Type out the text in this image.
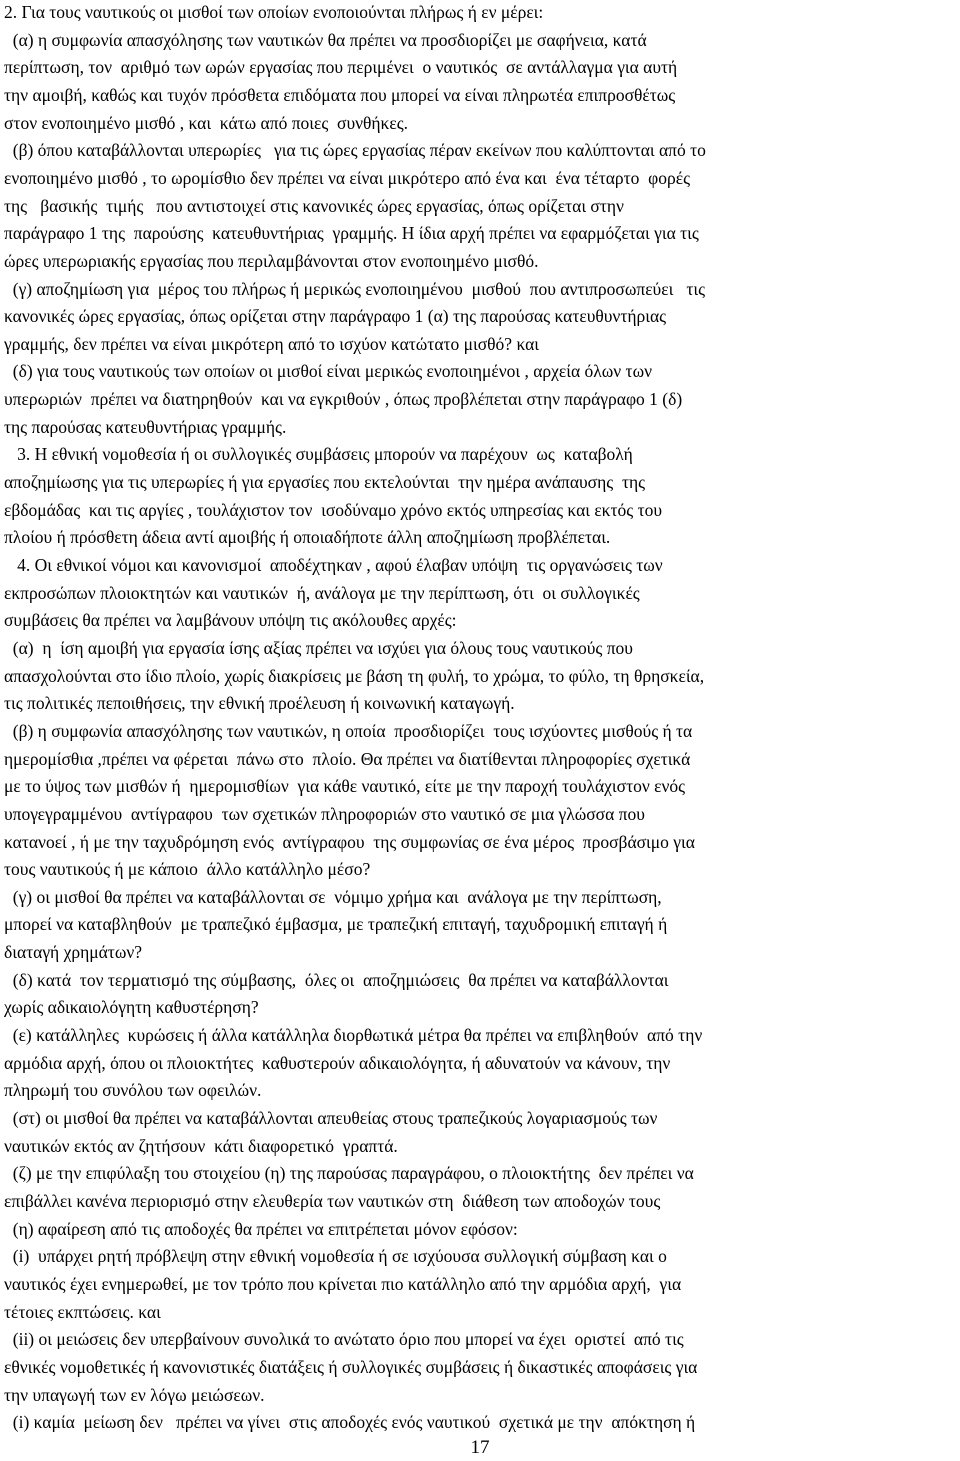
2. Για τους ναυτικούς οι μισθοί των οποίων ενοποιούνται πλήρως ή εν μέρει:
(α) η συμφωνία απασχόλησης των ναυτικών θα πρέπει να προσδιορίζει με σαφήνεια, κατά
περίπτωση, τον  αριθμό των ωρών εργασίας που περιμένει  ο ναυτικός  σε αντάλλαγμα για αυτή
την αμοιβή, καθώς και τυχόν πρόσθετα επιδόματα που μπορεί να είναι πληρωτέα επιπροσθέτως
στον ενοποιημένο μισθό , και  κάτω από ποιες  συνθήκες.
(β) όπου καταβάλλονται υπερωρίες   για τις ώρες εργασίας πέραν εκείνων που καλύπτονται από το
ενοποιημένο μισθό , το ωρομίσθιο δεν πρέπει να είναι μικρότερο από ένα και  ένα τέταρτο  φορές
της   βασικής  τιμής   που αντιστοιχεί στις κανονικές ώρες εργασίας, όπως ορίζεται στην
παράγραφο 1 της  παρούσης  κατευθυντήριας  γραμμής. Η ίδια αρχή πρέπει να εφαρμόζεται για τις
ώρες υπερωριακής εργασίας που περιλαμβάνονται στον ενοποιημένο μισθό.
(γ) αποζημίωση για  μέρος του πλήρως ή μερικώς ενοποιημένου  μισθού  που αντιπροσωπεύει   τις
κανονικές ώρες εργασίας, όπως ορίζεται στην παράγραφο 1 (α) της παρούσας κατευθυντήριας
γραμμής, δεν πρέπει να είναι μικρότερη από το ισχύον κατώτατο μισθό? και
(δ) για τους ναυτικούς των οποίων οι μισθοί είναι μερικώς ενοποιημένοι , αρχεία όλων των
υπερωριών  πρέπει να διατηρηθούν  και να εγκριθούν , όπως προβλέπεται στην παράγραφο 1 (δ)
της παρούσας κατευθυντήριας γραμμής.
3. Η εθνική νομοθεσία ή οι συλλογικές συμβάσεις μπορούν να παρέχουν  ως  καταβολή
αποζημίωσης για τις υπερωρίες ή για εργασίες που εκτελούνται  την ημέρα ανάπαυσης  της
εβδομάδας  και τις αργίες , τουλάχιστον τον  ισοδύναμο χρόνο εκτός υπηρεσίας και εκτός του
πλοίου ή πρόσθετη άδεια αντί αμοιβής ή οποιαδήποτε άλλη αποζημίωση προβλέπεται.
4. Οι εθνικοί νόμοι και κανονισμοί  αποδέχτηκαν , αφού έλαβαν υπόψη  τις οργανώσεις των
εκπροσώπων πλοιοκτητών και ναυτικών  ή, ανάλογα με την περίπτωση, ότι  οι συλλογικές
συμβάσεις θα πρέπει να λαμβάνουν υπόψη τις ακόλουθες αρχές:
(α)  η  ίση αμοιβή για εργασία ίσης αξίας πρέπει να ισχύει για όλους τους ναυτικούς που
απασχολούνται στο ίδιο πλοίο, χωρίς διακρίσεις με βάση τη φυλή, το χρώμα, το φύλο, τη θρησκεία,
τις πολιτικές πεποιθήσεις, την εθνική προέλευση ή κοινωνική καταγωγή.
(β) η συμφωνία απασχόλησης των ναυτικών, η οποία  προσδιορίζει  τους ισχύοντες μισθούς ή τα
ημερομίσθια ,πρέπει να φέρεται  πάνω στο  πλοίο. Θα πρέπει να διατίθενται πληροφορίες σχετικά
με το ύψος των μισθών ή  ημερομισθίων  για κάθε ναυτικό, είτε με την παροχή τουλάχιστον ενός
υπογεγραμμένου  αντίγραφου  των σχετικών πληροφοριών στο ναυτικό σε μια γλώσσα που
κατανοεί , ή με την ταχυδρόμηση ενός  αντίγραφου  της συμφωνίας σε ένα μέρος  προσβάσιμο για
τους ναυτικούς ή με κάποιο  άλλο κατάλληλο μέσο?
(γ) οι μισθοί θα πρέπει να καταβάλλονται σε  νόμιμο χρήμα και  ανάλογα με την περίπτωση,
μπορεί να καταβληθούν  με τραπεζικό έμβασμα, με τραπεζική επιταγή, ταχυδρομική επιταγή ή
διαταγή χρημάτων?
(δ) κατά  τον τερματισμό της σύμβασης,  όλες οι  αποζημιώσεις  θα πρέπει να καταβάλλονται
χωρίς αδικαιολόγητη καθυστέρηση?
(ε) κατάλληλες  κυρώσεις ή άλλα κατάλληλα διορθωτικά μέτρα θα πρέπει να επιβληθούν  από την
αρμόδια αρχή, όπου οι πλοιοκτήτες  καθυστερούν αδικαιολόγητα, ή αδυνατούν να κάνουν, την
πληρωμή του συνόλου των οφειλών.
(στ) οι μισθοί θα πρέπει να καταβάλλονται απευθείας στους τραπεζικούς λογαριασμούς των
ναυτικών εκτός αν ζητήσουν  κάτι διαφορετικό  γραπτά.
(ζ) με την επιφύλαξη του στοιχείου (η) της παρούσας παραγράφου, ο πλοιοκτήτης  δεν πρέπει να
επιβάλλει κανένα περιορισμό στην ελευθερία των ναυτικών στη  διάθεση των αποδοχών τους
(η) αφαίρεση από τις αποδοχές θα πρέπει να επιτρέπεται μόνον εφόσον:
(i)  υπάρχει ρητή πρόβλεψη στην εθνική νομοθεσία ή σε ισχύουσα συλλογική σύμβαση και ο
ναυτικός έχει ενημερωθεί, με τον τρόπο που κρίνεται πιο κατάλληλο από την αρμόδια αρχή,  για
τέτοιες εκπτώσεις. και
(ii) οι μειώσεις δεν υπερβαίνουν συνολικά το ανώτατο όριο που μπορεί να έχει  οριστεί  από τις
εθνικές νομοθετικές ή κανονιστικές διατάξεις ή συλλογικές συμβάσεις ή δικαστικές αποφάσεις για
την υπαγωγή των εν λόγω μειώσεων.
(i) καμία  μείωση δεν   πρέπει να γίνει  στις αποδοχές ενός ναυτικού  σχετικά με την  απόκτηση ή
17
